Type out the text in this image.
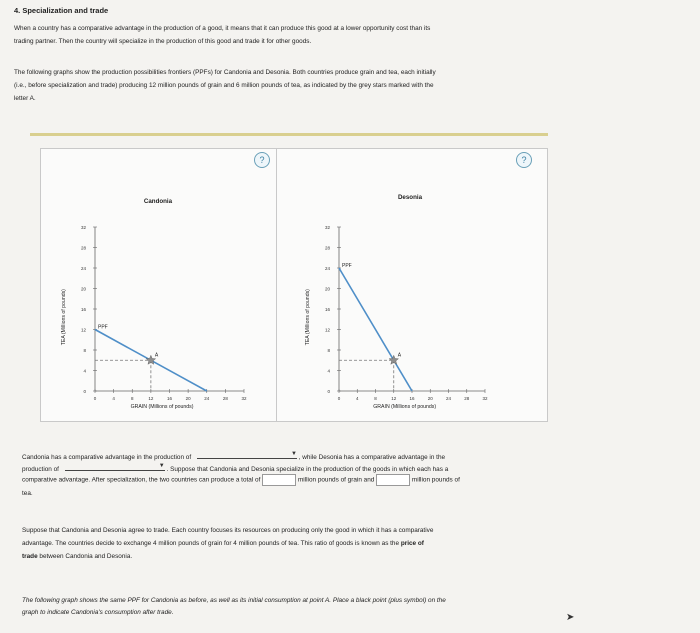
4. Specialization and trade
When a country has a comparative advantage in the production of a good, it means that it can produce this good at a lower opportunity cost than its
trading partner. Then the country will specialize in the production of this good and trade it for other goods.
The following graphs show the production possibilities frontiers (PPFs) for Candonia and Desonia. Both countries produce grain and tea, each initially
(i.e., before specialization and trade) producing 12 million pounds of grain and 6 million pounds of tea, as indicated by the grey stars marked with the
letter A.
?
Candonia
0
4
8
12
16
20
24
28
32
0	4	8	12	16	20	24	28	32
GRAIN (Millions of pounds)
TEA (Millions of pounds)	PPF
A
?
Desonia
0
4
8
12
16
20
24
28
32
0	4	8	12	16	20	24	28	32
GRAIN (Millions of pounds)
TEA (Millions of pounds)
PPF
A
Candonia has a comparative advantage in the production of	▼ , while Desonia has a comparative advantage in the
production of	▼ . Suppose that Candonia and Desonia specialize in the production of the goods in which each has a
comparative advantage. After specialization, the two countries can produce a total of	million pounds of grain and	million pounds of
tea.
Suppose that Candonia and Desonia agree to trade. Each country focuses its resources on producing only the good in which it has a comparative
advantage. The countries decide to exchange 4 million pounds of grain for 4 million pounds of tea. This ratio of goods is known as the price of
trade between Candonia and Desonia.
The following graph shows the same PPF for Candonia as before, as well as its initial consumption at point A. Place a black point (plus symbol) on the
graph to indicate Candonia's consumption after trade.	➤
